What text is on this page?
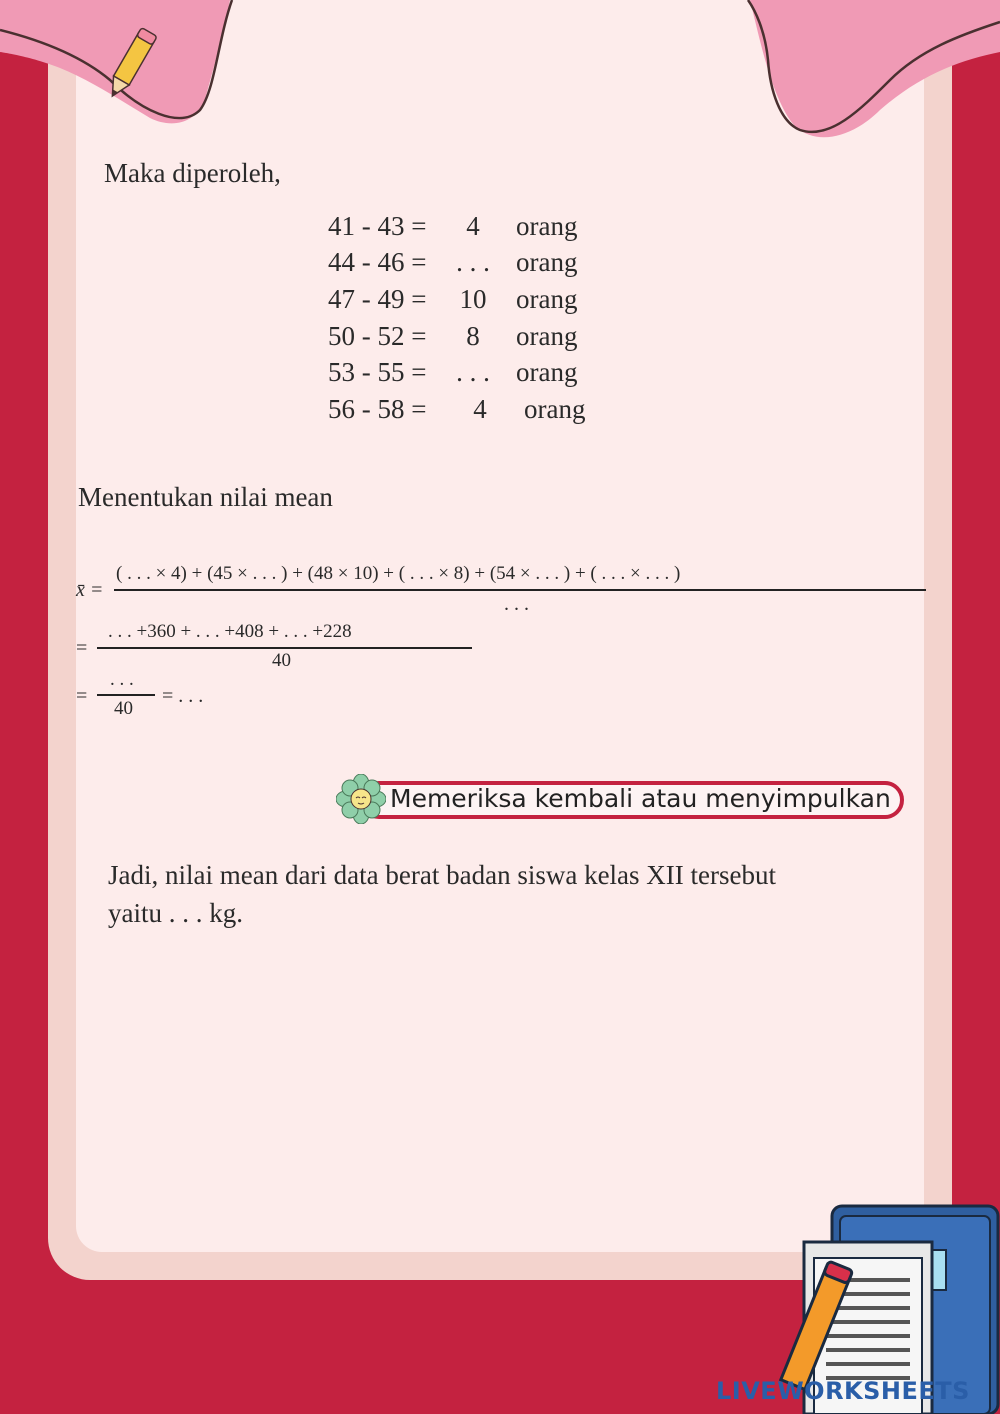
Maka diperoleh,
41 - 43 =	4	orang
44 - 46 =	. . .	orang
47 - 49 =	10	orang
50 - 52 =	8	orang
53 - 55 =	. . .	orang
56 - 58 =	4	orang
Menentukan nilai mean
x̄ =
( . . . × 4) + (45 × . . . ) + (48 × 10) + ( . . . × 8) + (54 × . . . ) + ( . . . × . . . )
. . .
=
. . . +360 + . . . +408 + . . . +228
40
=
. . .
40
= . . .
Memeriksa kembali atau menyimpulkan
Jadi, nilai mean dari data berat badan siswa kelas XII tersebut
yaitu . . . kg.
LIVEWORKSHEETS
